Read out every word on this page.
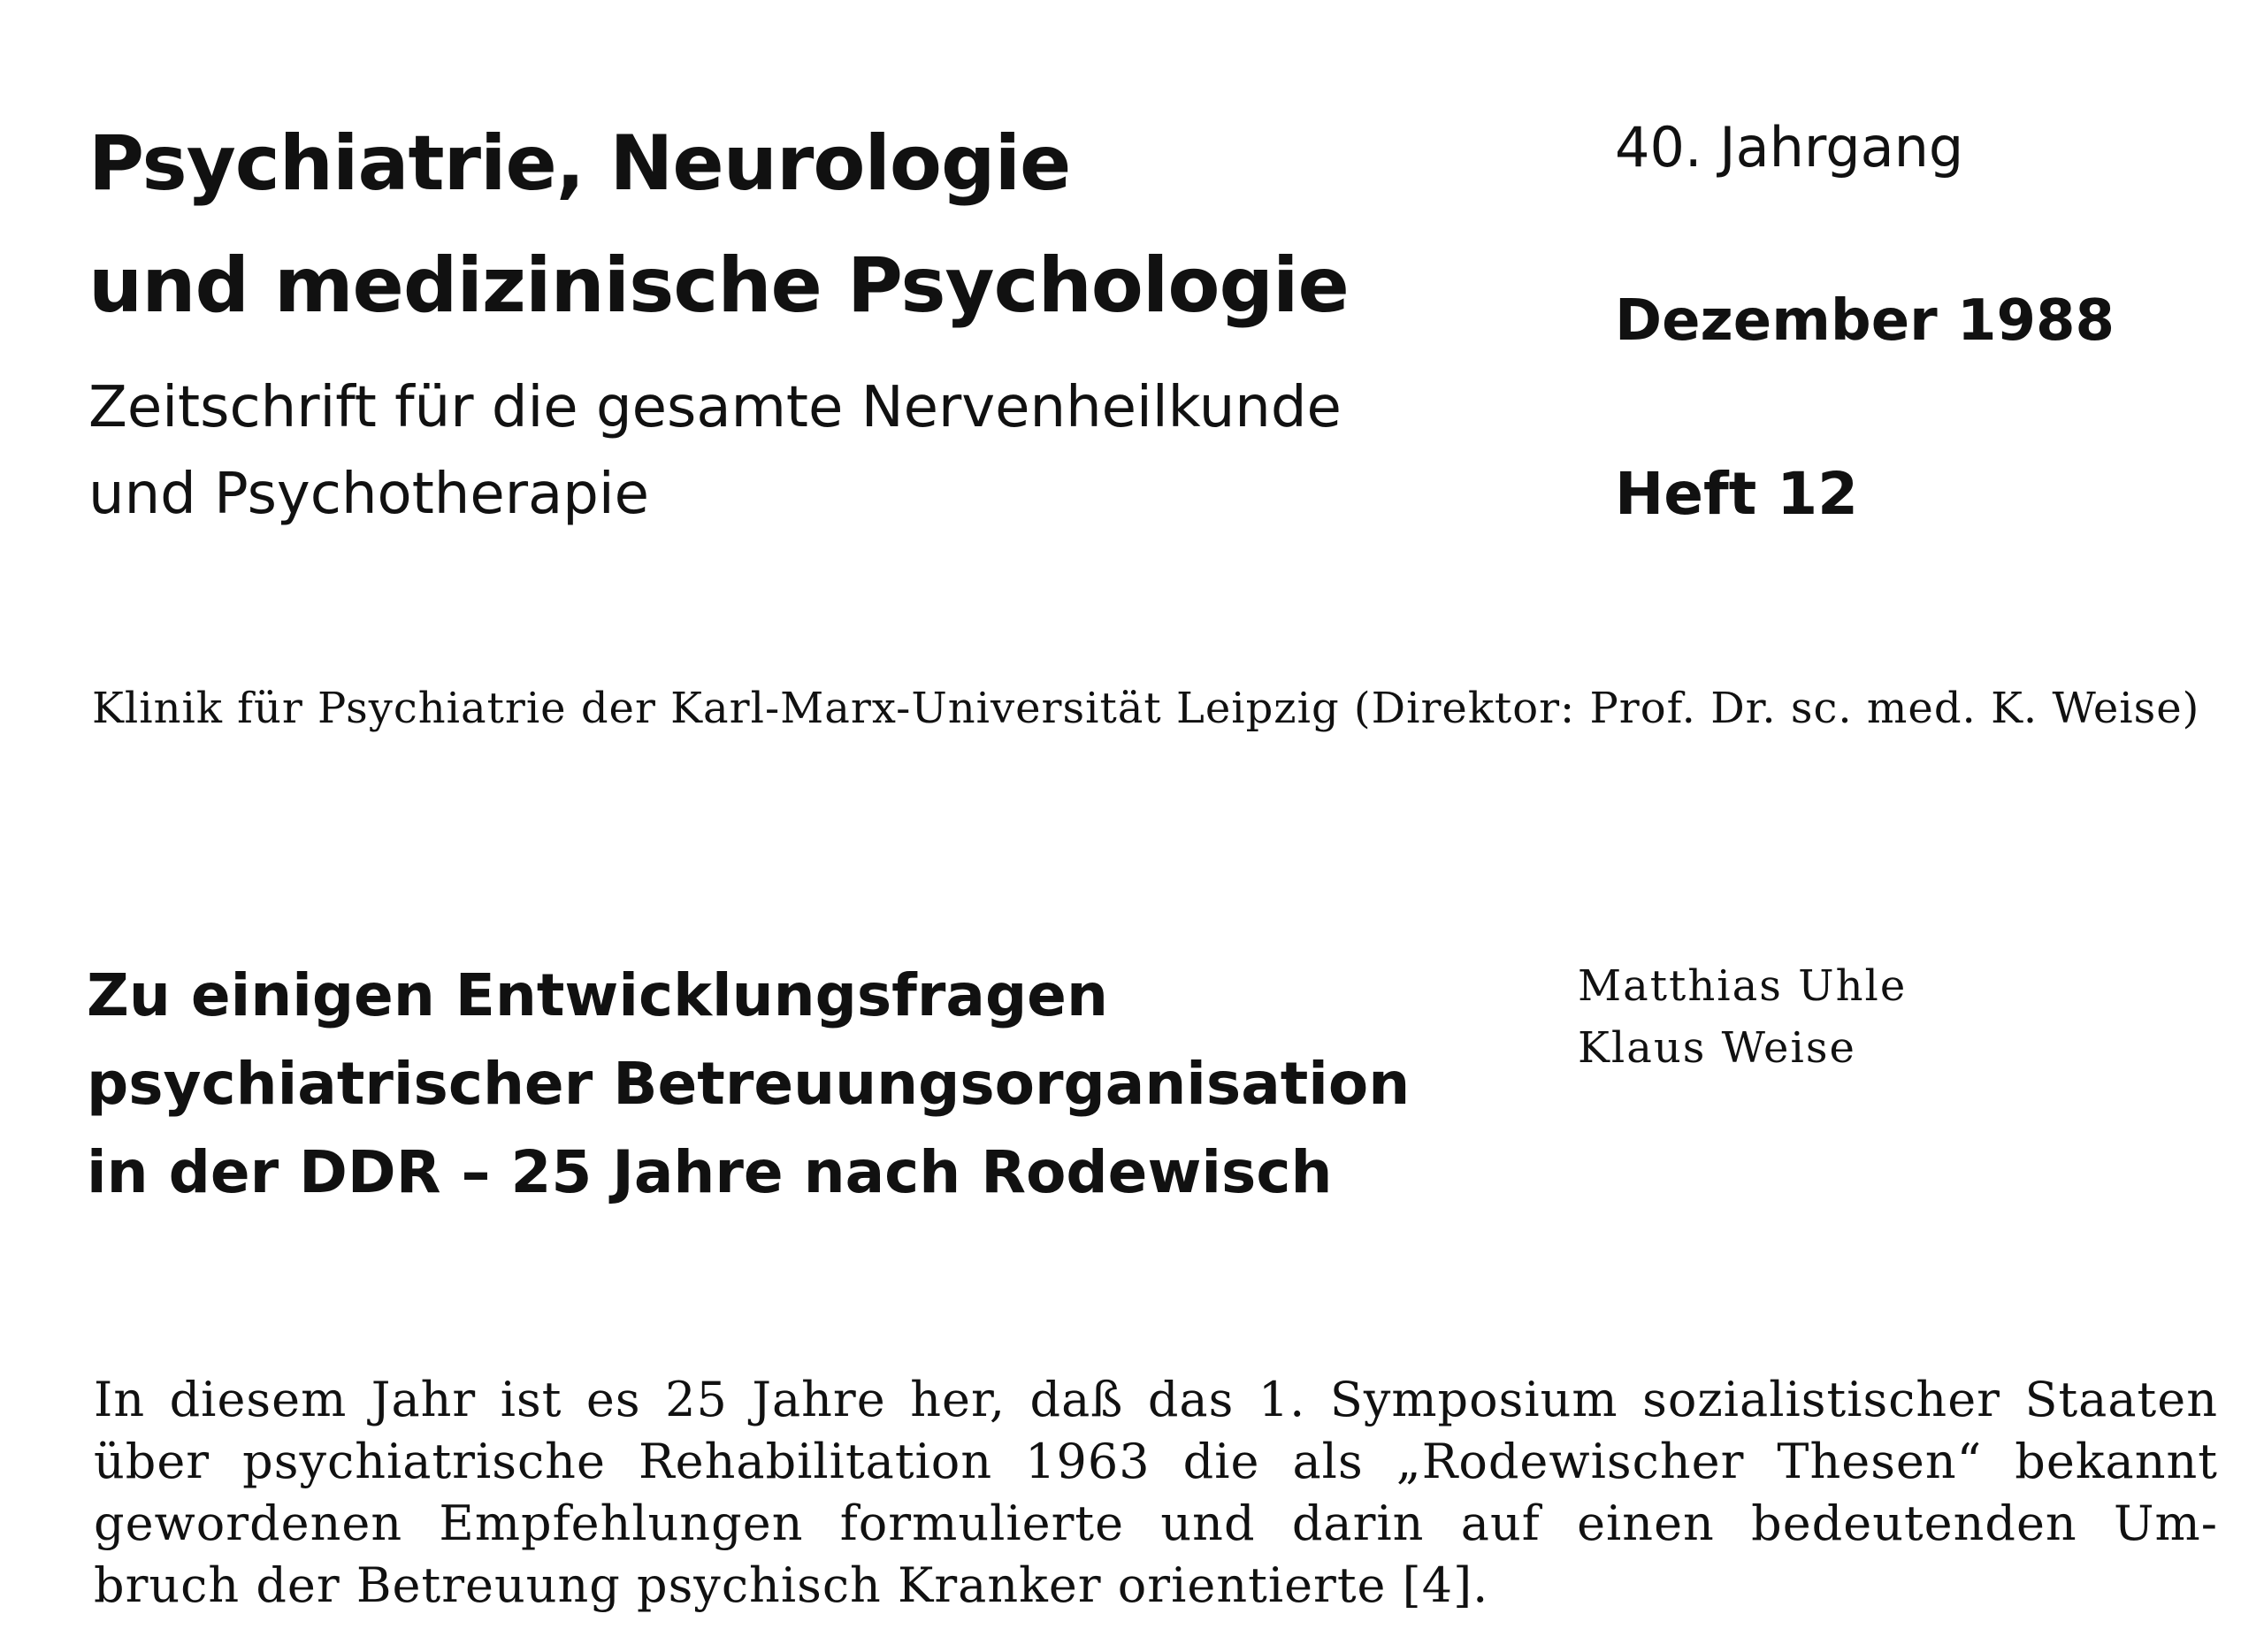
Psychiatrie, Neurologie
und medizinische Psychologie
Zeitschrift für die gesamte Nervenheilkunde
und Psychotherapie
40. Jahrgang
Dezember 1988
Heft 12

Klinik für Psychiatrie der Karl-Marx-Universität Leipzig (Direktor: Prof. Dr. sc. med. K. Weise)

Zu einigen Entwicklungsfragen
psychiatrischer Betreuungsorganisation
in der DDR – 25 Jahre nach Rodewisch
Matthias Uhle
Klaus Weise
In diesem Jahr ist es 25 Jahre her, daß das 1. Symposium sozialistischer Staaten
über psychiatrische Rehabilitation 1963 die als „Rodewischer Thesen“ bekannt
gewordenen Empfehlungen formulierte und darin auf einen bedeutenden Um-
bruch der Betreuung psychisch Kranker orientierte [4].
